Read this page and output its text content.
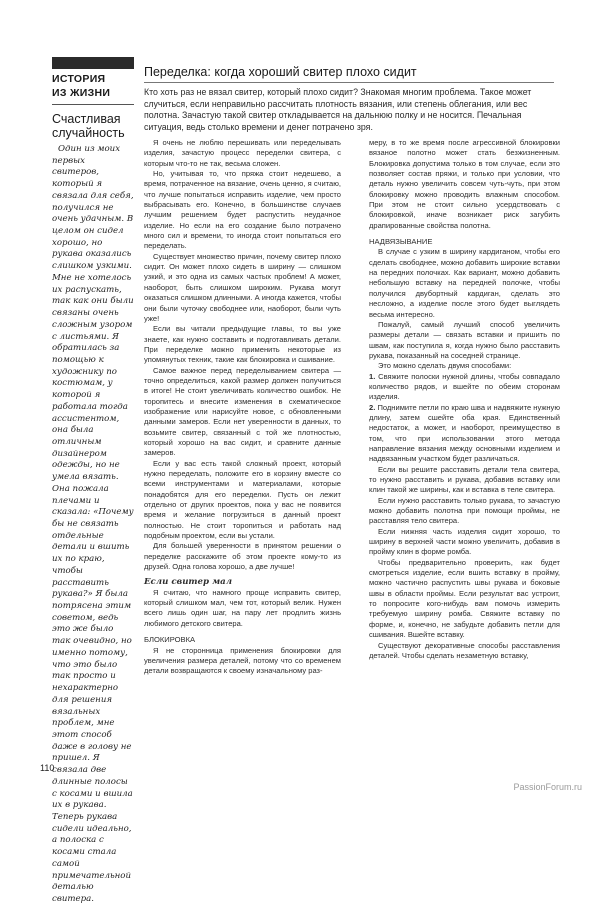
ИСТОРИЯ
ИЗ ЖИЗНИ
Счастливая случайность

Один из моих первых свитеров, который я связала для себя, получился не очень удачным. В целом он сидел хорошо, но рукава оказались слишком узкими. Мне не хотелось их распускать, так как они были связаны очень сложным узором с листьями. Я обратилась за помощью к художнику по костюмам, у которой я работала тогда ассистентом, она была отличным дизайнером одежды, но не умела вязать. Она пожала плечами и сказала: «Почему бы не связать отдельные детали и вшить их по краю, чтобы расставить рукава?» Я была потрясена этим советом, ведь это же было так очевидно, но именно потому, что это было так просто и нехарактерно для решения вязальных проблем, мне этот способ даже в голову не пришел. Я связала две длинные полосы с косами и вшила их в рукава. Теперь рукава сидели идеально, а полоска с косами стала самой примечательной деталью свитера.

Переделка: когда хороший свитер плохо сидит
Кто хоть раз не вязал свитер, который плохо сидит? Знакомая многим проблема. Такое может случиться, если неправильно рассчитать плотность вязания, или степень облегания, или вес полотна. Зачастую такой свитер откладывается на дальнюю полку и не носится. Печальная ситуация, ведь столько времени и денег потрачено зря.

Я очень не люблю перешивать или переделывать изделия, зачастую процесс переделки свитера, с которым что-то не так, весьма сложен.

Но, учитывая то, что пряжа стоит недешево, а время, потраченное на вязание, очень ценно, я считаю, что лучше попытаться исправить изделие, чем просто выбрасывать его. Конечно, в большинстве случаев лучшим решением будет распустить неудачное изделие. Но если на его создание было потрачено много сил и времени, то иногда стоит попытаться его переделать.

Существует множество причин, почему свитер плохо сидит. Он может плохо сидеть в ширину — слишком узкий, и это одна из самых частых проблем! А может, наоборот, быть слишком широким. Рукава могут оказаться слишком длинными. А иногда кажется, чтобы они были чуточку свободнее или, наоборот, были чуть уже!

Если вы читали предыдущие главы, то вы уже знаете, как нужно составить и подготавливать детали. При переделке можно применить некоторые из упомянутых техник, такие как блокировка и сшивание.

Самое важное перед переделыванием свитера — точно определиться, какой размер должен получиться в итоге! Не стоит увеличивать количество ошибок. Не торопитесь и внесите изменения в схематическое изображение или нарисуйте новое, с обновленными данными замеров. Если нет уверенности в данных, то возьмите свитер, связанный с той же плотностью, который хорошо на вас сидит, и сравните данные замеров.

Если у вас есть такой сложный проект, который нужно переделать, положите его в корзину вместе со всеми инструментами и материалами, которые понадобятся для его переделки. Пусть он лежит отдельно от других проектов, пока у вас не появится время и желание погрузиться в данный проект полностью. Не стоит торопиться и работать над подобным проектом, если вы устали.

Для большей уверенности в принятом решении о переделке расскажите об этом проекте кому-то из друзей. Одна голова хорошо, а две лучше!

Если свитер мал

Я считаю, что намного проще исправить свитер, который слишком мал, чем тот, который велик. Нужен всего лишь один шаг, на пару лет продлить жизнь любимого детского свитера.

БЛОКИРОВКА

Я не сторонница применения блокировки для увеличения размера деталей, потому что со временем детали возвращаются к своему изначальному раз-

меру, в то же время после агрессивной блокировки вязаное полотно может стать безжизненным. Блокировка допустима только в том случае, если это позволяет состав пряжи, и только при условии, что деталь нужно увеличить совсем чуть-чуть, при этом блокировку можно проводить влажным способом. При этом не стоит сильно усердствовать с блокировкой, иначе возникает риск загубить драпированные свойства полотна.

НАДВЯЗЫВАНИЕ

В случае с узким в ширину кардиганом, чтобы его сделать свободнее, можно добавить широкие вставки на передних полочках. Как вариант, можно добавить небольшую вставку на передней полочке, чтобы получился двубортный кардиган, сделать это несложно, а изделие после этого будет выглядеть весьма интересно.

Пожалуй, самый лучший способ увеличить размеры детали — связать вставки и пришить по швам, как поступила я, когда нужно было расставить рукава, показанный на соседней странице.

Это можно сделать двумя способами:

1. Свяжите полоски нужной длины, чтобы совпадало количество рядов, и вшейте по обеим сторонам изделия.

2. Поднимите петли по краю шва и надвяжите нужную длину, затем сшейте оба края. Единственный недостаток, а может, и наоборот, преимущество в том, что при использовании этого метода направление вязания между основными изделием и надвязанным участком будет различаться.

Если вы решите расставить детали тела свитера, то нужно расставить и рукава, добавив вставку или клин такой же ширины, как и вставка в теле свитера.

Если нужно расставить только рукава, то зачастую можно добавить полотна при помощи проймы, не расставляя тело свитера.

Если нижняя часть изделия сидит хорошо, то ширину в верхней части можно увеличить, добавив в пройму клин в форме ромба.

Чтобы предварительно проверить, как будет смотреться изделие, если вшить вставку в пройму, можно частично распустить швы рукава и боковые швы в области проймы. Если результат вас устроит, то попросите кого-нибудь вам помочь измерить требуемую ширину ромба. Свяжите вставку по форме, и, конечно, не забудьте добавить петли для сшивания. Вшейте вставку.

Существуют декоративные способы расставления деталей. Чтобы сделать незаметную вставку,

110
PassionForum.ru
